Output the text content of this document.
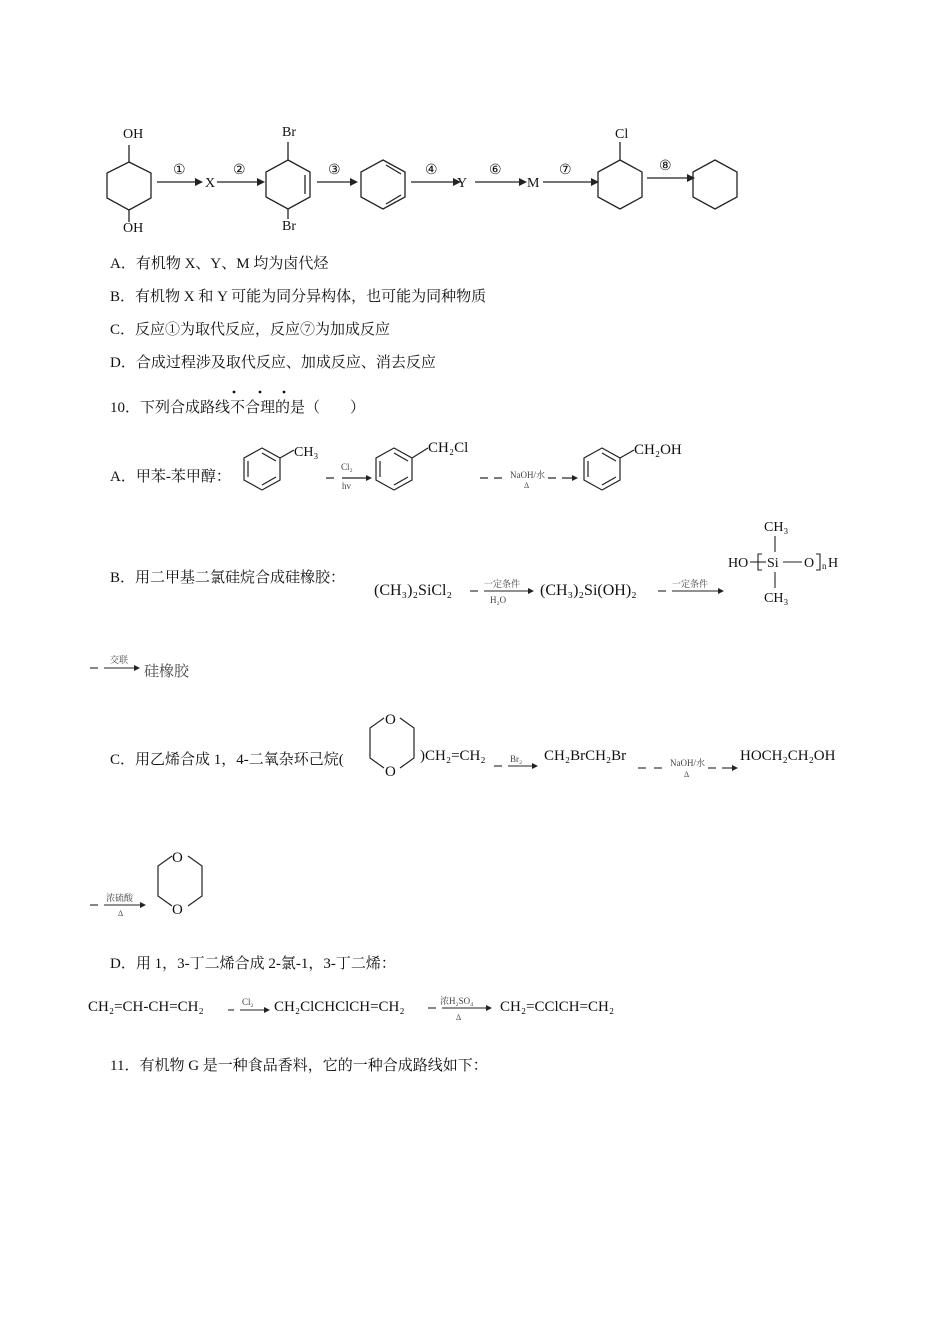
OH
OH
①
X
②
Br
Br
③	④
Y
⑥
M
⑦
Cl
⑧
A．有机物 X、Y、M 均为卤代烃
B．有机物 X 和 Y 可能为同分异构体，也可能为同种物质
C．反应①为取代反应，反应⑦为加成反应
D．合成过程涉及取代反应、加成反应、消去反应
10．下列合成路线不合理的是（　　）
A．甲苯-苯甲醇：
CH₃
Cl₂
hv
CH₂Cl
NaOH/水
Δ
CH₂OH
B．用二甲基二氯硅烷合成硅橡胶：
(CH₃)₂SiCl₂	一定条件
H₂O
(CH₃)₂Si(OH)₂	一定条件
CH₃
HO Si O n H
CH₃
交联
硅橡胶
C．用乙烯合成 1，4-二氧杂环己烷(
O
O
)CH₂=CH₂	Br₂ CH₂BrCH₂Br	NaOH/水
Δ
HOCH₂CH₂OH
浓硫酸
Δ
O
O
D．用 1，3-丁二烯合成 2-氯-1，3-丁二烯：
CH₂=CH-CH=CH₂	Cl₂ CH₂ClCHClCH=CH₂	浓H₂SO₄
Δ
CH₂=CClCH=CH₂
11．有机物 G 是一种食品香料，它的一种合成路线如下：
